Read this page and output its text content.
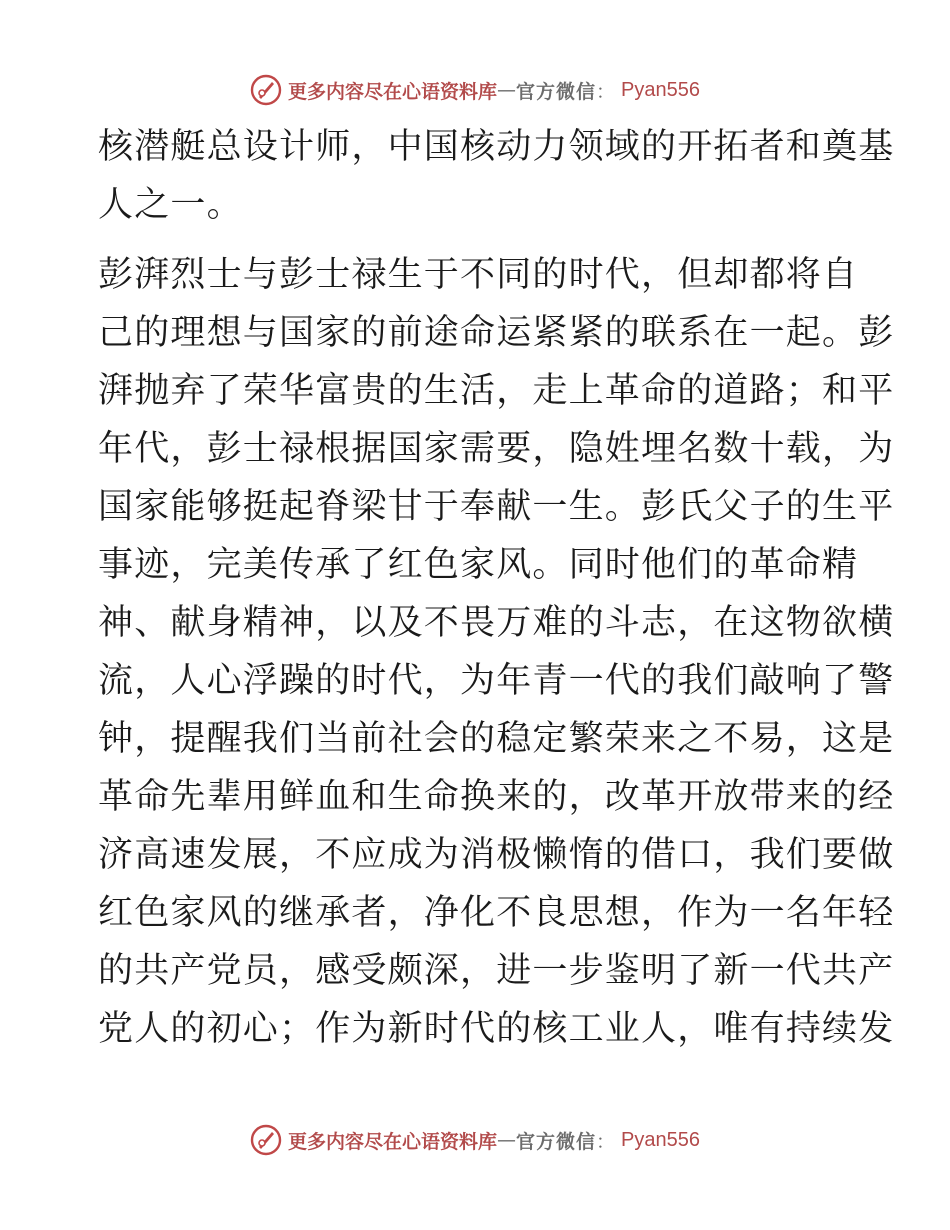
更多内容尽在心语资料库 — 官方微信 ： Pyan556
核潜艇总设计师，中国核动力领域的开拓者和奠基
人之一。
彭湃烈士与彭士禄生于不同的时代，但却都将自
己的理想与国家的前途命运紧紧的联系在一起。彭
湃抛弃了荣华富贵的生活，走上革命的道路；和平
年代，彭士禄根据国家需要，隐姓埋名数十载，为
国家能够挺起脊梁甘于奉献一生。彭氏父子的生平
事迹，完美传承了红色家风。同时他们的革命精
神、献身精神，以及不畏万难的斗志，在这物欲横
流，人心浮躁的时代，为年青一代的我们敲响了警
钟，提醒我们当前社会的稳定繁荣来之不易，这是
革命先辈用鲜血和生命换来的，改革开放带来的经
济高速发展，不应成为消极懒惰的借口，我们要做
红色家风的继承者，净化不良思想，作为一名年轻
的共产党员，感受颇深，进一步鉴明了新一代共产
党人的初心；作为新时代的核工业人，唯有持续发
更多内容尽在心语资料库 — 官方微信 ： Pyan556
